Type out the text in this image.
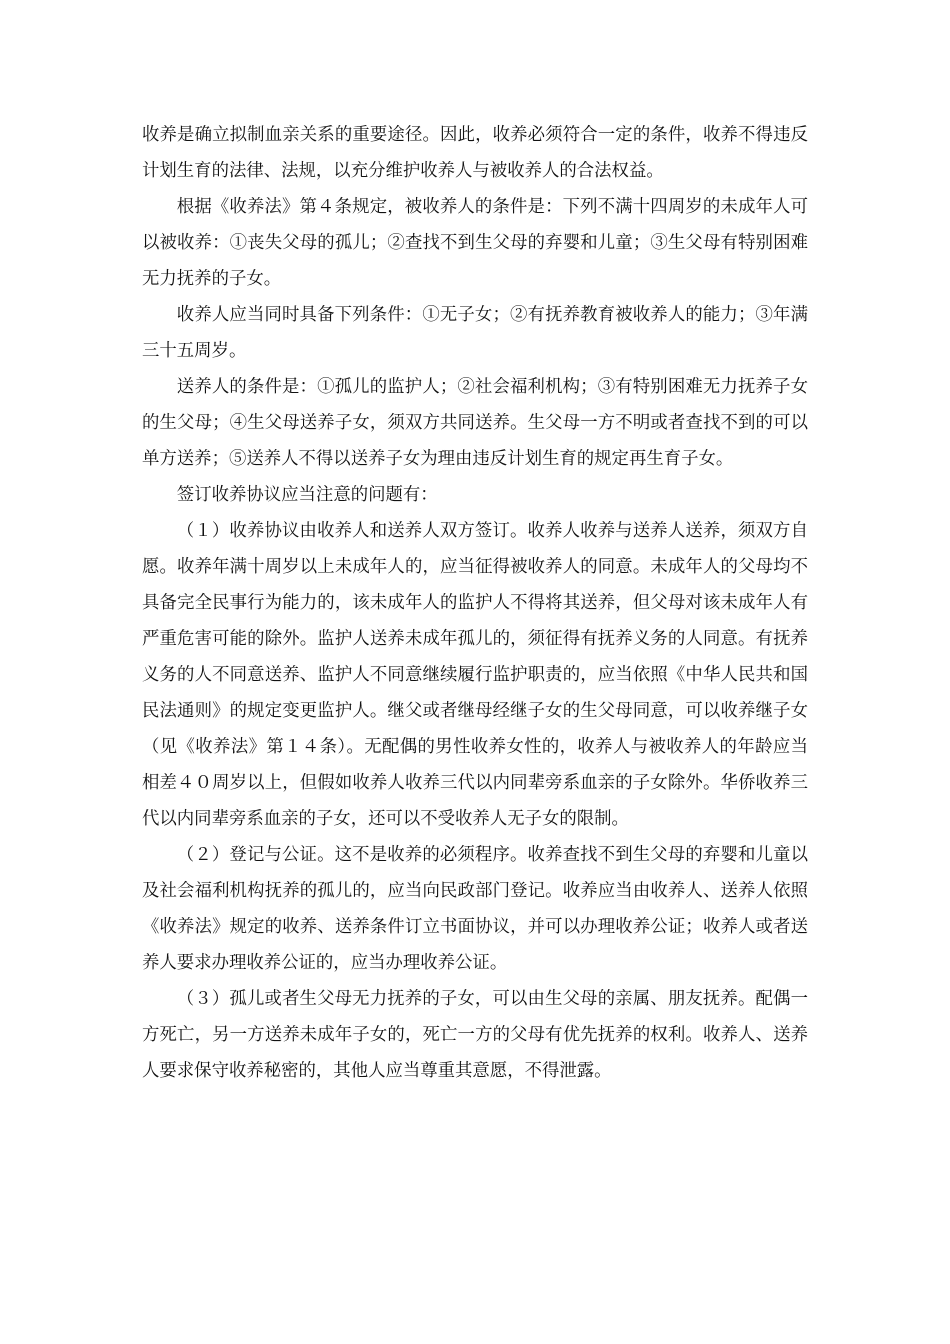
收养是确立拟制血亲关系的重要途径。因此，收养必须符合一定的条件，收养不得违反计划生育的法律、法规，以充分维护收养人与被收养人的合法权益。

根据《收养法》第４条规定，被收养人的条件是：下列不满十四周岁的未成年人可以被收养：①丧失父母的孤儿；②查找不到生父母的弃婴和儿童；③生父母有特别困难无力抚养的子女。

收养人应当同时具备下列条件：①无子女；②有抚养教育被收养人的能力；③年满三十五周岁。

送养人的条件是：①孤儿的监护人；②社会福利机构；③有特别困难无力抚养子女的生父母；④生父母送养子女，须双方共同送养。生父母一方不明或者查找不到的可以单方送养；⑤送养人不得以送养子女为理由违反计划生育的规定再生育子女。

签订收养协议应当注意的问题有：

（１）收养协议由收养人和送养人双方签订。收养人收养与送养人送养，须双方自愿。收养年满十周岁以上未成年人的，应当征得被收养人的同意。未成年人的父母均不具备完全民事行为能力的，该未成年人的监护人不得将其送养，但父母对该未成年人有严重危害可能的除外。监护人送养未成年孤儿的，须征得有抚养义务的人同意。有抚养义务的人不同意送养、监护人不同意继续履行监护职责的，应当依照《中华人民共和国民法通则》的规定变更监护人。继父或者继母经继子女的生父母同意，可以收养继子女（见《收养法》第１４条）。无配偶的男性收养女性的，收养人与被收养人的年龄应当相差４０周岁以上，但假如收养人收养三代以内同辈旁系血亲的子女除外。华侨收养三代以内同辈旁系血亲的子女，还可以不受收养人无子女的限制。

（２）登记与公证。这不是收养的必须程序。收养查找不到生父母的弃婴和儿童以及社会福利机构抚养的孤儿的，应当向民政部门登记。收养应当由收养人、送养人依照《收养法》规定的收养、送养条件订立书面协议，并可以办理收养公证；收养人或者送养人要求办理收养公证的，应当办理收养公证。

（３）孤儿或者生父母无力抚养的子女，可以由生父母的亲属、朋友抚养。配偶一方死亡，另一方送养未成年子女的，死亡一方的父母有优先抚养的权利。收养人、送养人要求保守收养秘密的，其他人应当尊重其意愿，不得泄露。
